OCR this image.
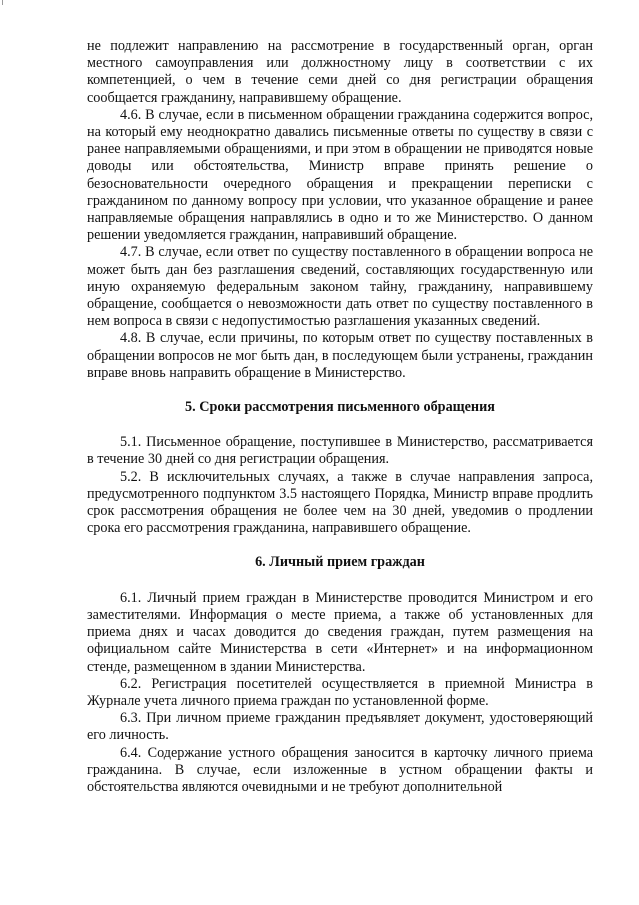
не подлежит направлению на рассмотрение в государственный орган, орган местного самоуправления или должностному лицу в соответствии с их компетенцией, о чем в течение семи дней со дня регистрации обращения сообщается гражданину, направившему обращение.

4.6. В случае, если в письменном обращении гражданина содержится вопрос, на который ему неоднократно давались письменные ответы по существу в связи с ранее направляемыми обращениями, и при этом в обращении не приводятся новые доводы или обстоятельства, Министр вправе принять решение о безосновательности очередного обращения и прекращении переписки с гражданином по данному вопросу при условии, что указанное обращение и ранее направляемые обращения направлялись в одно и то же Министерство. О данном решении уведомляется гражданин, направивший обращение.

4.7. В случае, если ответ по существу поставленного в обращении вопроса не может быть дан без разглашения сведений, составляющих государственную или иную охраняемую федеральным законом тайну, гражданину, направившему обращение, сообщается о невозможности дать ответ по существу поставленного в нем вопроса в связи с недопустимостью разглашения указанных сведений.

4.8. В случае, если причины, по которым ответ по существу поставленных в обращении вопросов не мог быть дан, в последующем были устранены, гражданин вправе вновь направить обращение в Министерство.

5. Сроки рассмотрения письменного обращения

5.1. Письменное обращение, поступившее в Министерство, рассматривается в течение 30 дней со дня регистрации обращения.

5.2. В исключительных случаях, а также в случае направления запроса, предусмотренного подпунктом 3.5 настоящего Порядка, Министр вправе продлить срок рассмотрения обращения не более чем на 30 дней, уведомив о продлении срока его рассмотрения гражданина, направившего обращение.

6. Личный прием граждан

6.1. Личный прием граждан в Министерстве проводится Министром и его заместителями. Информация о месте приема, а также об установленных для приема днях и часах доводится до сведения граждан, путем размещения на официальном сайте Министерства в сети «Интернет» и на информационном стенде, размещенном в здании Министерства.

6.2. Регистрация посетителей осуществляется в приемной Министра в Журнале учета личного приема граждан по установленной форме.

6.3. При личном приеме гражданин предъявляет документ, удостоверяющий его личность.

6.4. Содержание устного обращения заносится в карточку личного приема гражданина. В случае, если изложенные в устном обращении факты и обстоятельства являются очевидными и не требуют дополнительной
